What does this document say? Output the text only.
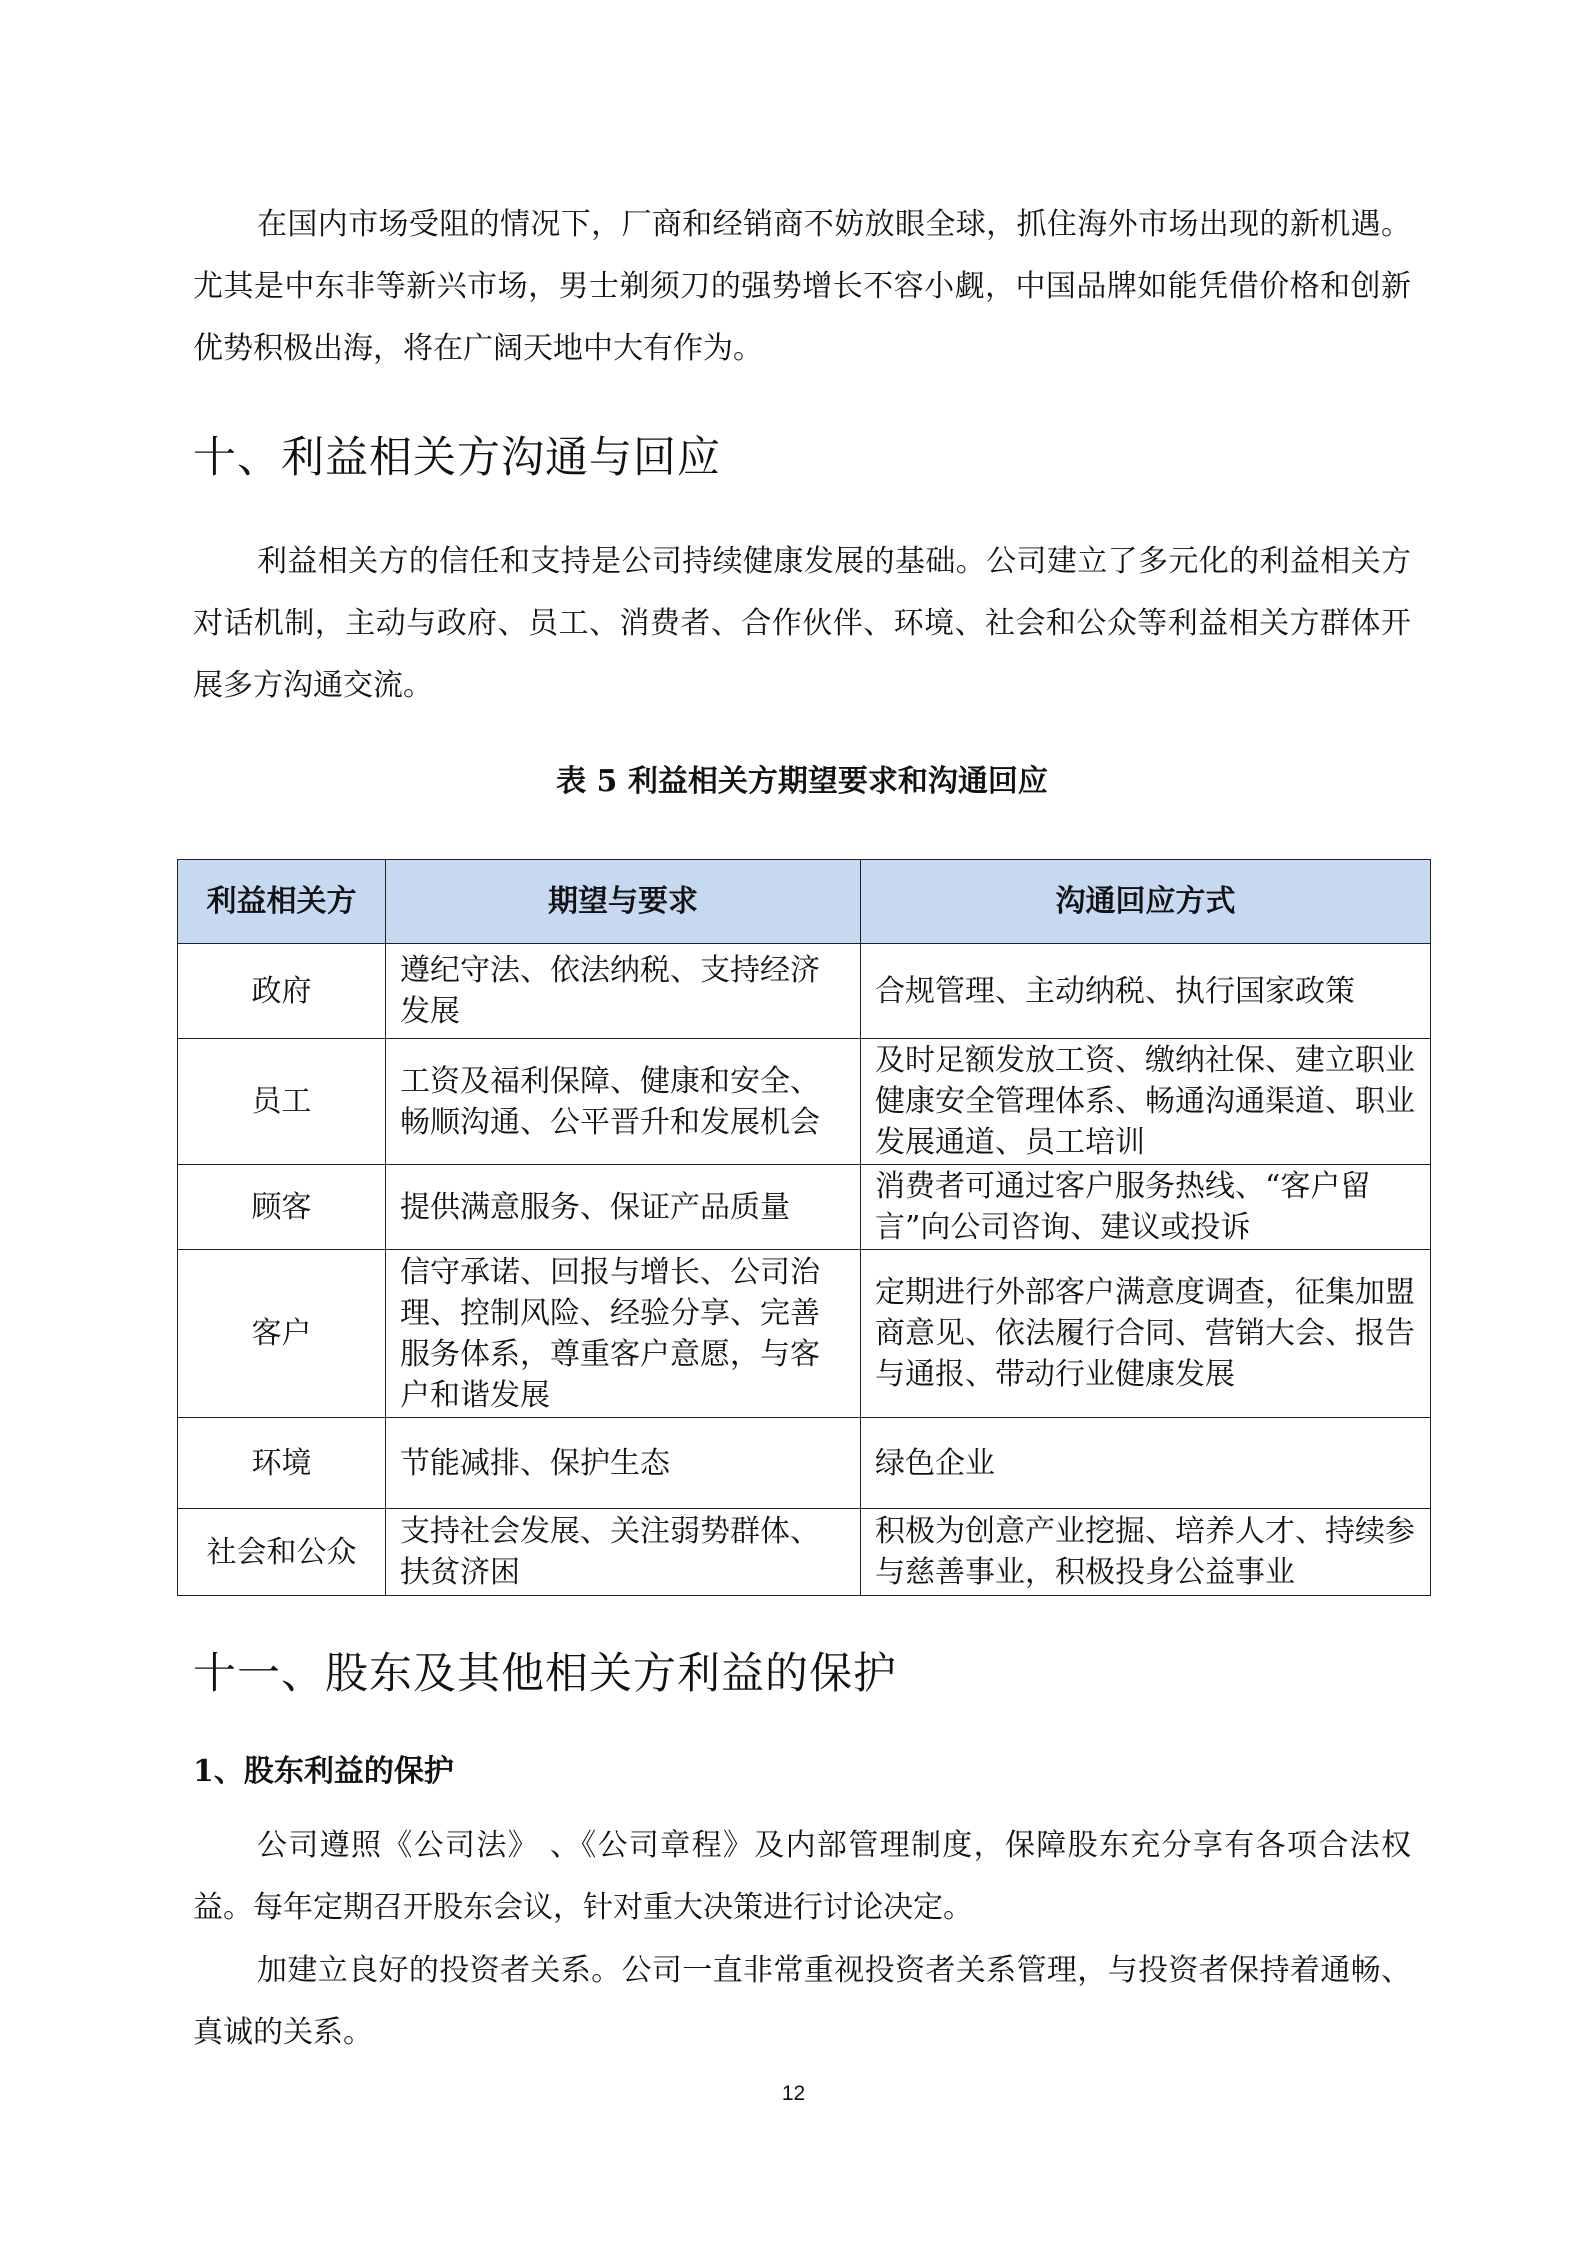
在国内市场受阻的情况下，厂商和经销商不妨放眼全球，抓住海外市场出现的新机遇。尤其是中东非等新兴市场，男士剃须刀的强势增长不容小觑，中国品牌如能凭借价格和创新优势积极出海，将在广阔天地中大有作为。

十、利益相关方沟通与回应

利益相关方的信任和支持是公司持续健康发展的基础。公司建立了多元化的利益相关方对话机制，主动与政府、员工、消费者、合作伙伴、环境、社会和公众等利益相关方群体开展多方沟通交流。

表 5 利益相关方期望要求和沟通回应

利益相关方	期望与要求	沟通回应方式
政府	遵纪守法、依法纳税、支持经济发展	合规管理、主动纳税、执行国家政策
员工	工资及福利保障、健康和安全、畅顺沟通、公平晋升和发展机会	及时足额发放工资、缴纳社保、建立职业健康安全管理体系、畅通沟通渠道、职业发展通道、员工培训
顾客	提供满意服务、保证产品质量	消费者可通过客户服务热线、“客户留言”向公司咨询、建议或投诉
客户	信守承诺、回报与增长、公司治理、控制风险、经验分享、完善服务体系，尊重客户意愿，与客户和谐发展	定期进行外部客户满意度调查，征集加盟商意见、依法履行合同、营销大会、报告与通报、带动行业健康发展
环境	节能减排、保护生态	绿色企业
社会和公众	支持社会发展、关注弱势群体、扶贫济困	积极为创意产业挖掘、培养人才、持续参与慈善事业，积极投身公益事业
十一、股东及其他相关方利益的保护
1、股东利益的保护

公司遵照《公司法》 、《公司章程》及内部管理制度，保障股东充分享有各项合法权益。每年定期召开股东会议，针对重大决策进行讨论决定。

加建立良好的投资者关系。公司一直非常重视投资者关系管理，与投资者保持着通畅、真诚的关系。

12
